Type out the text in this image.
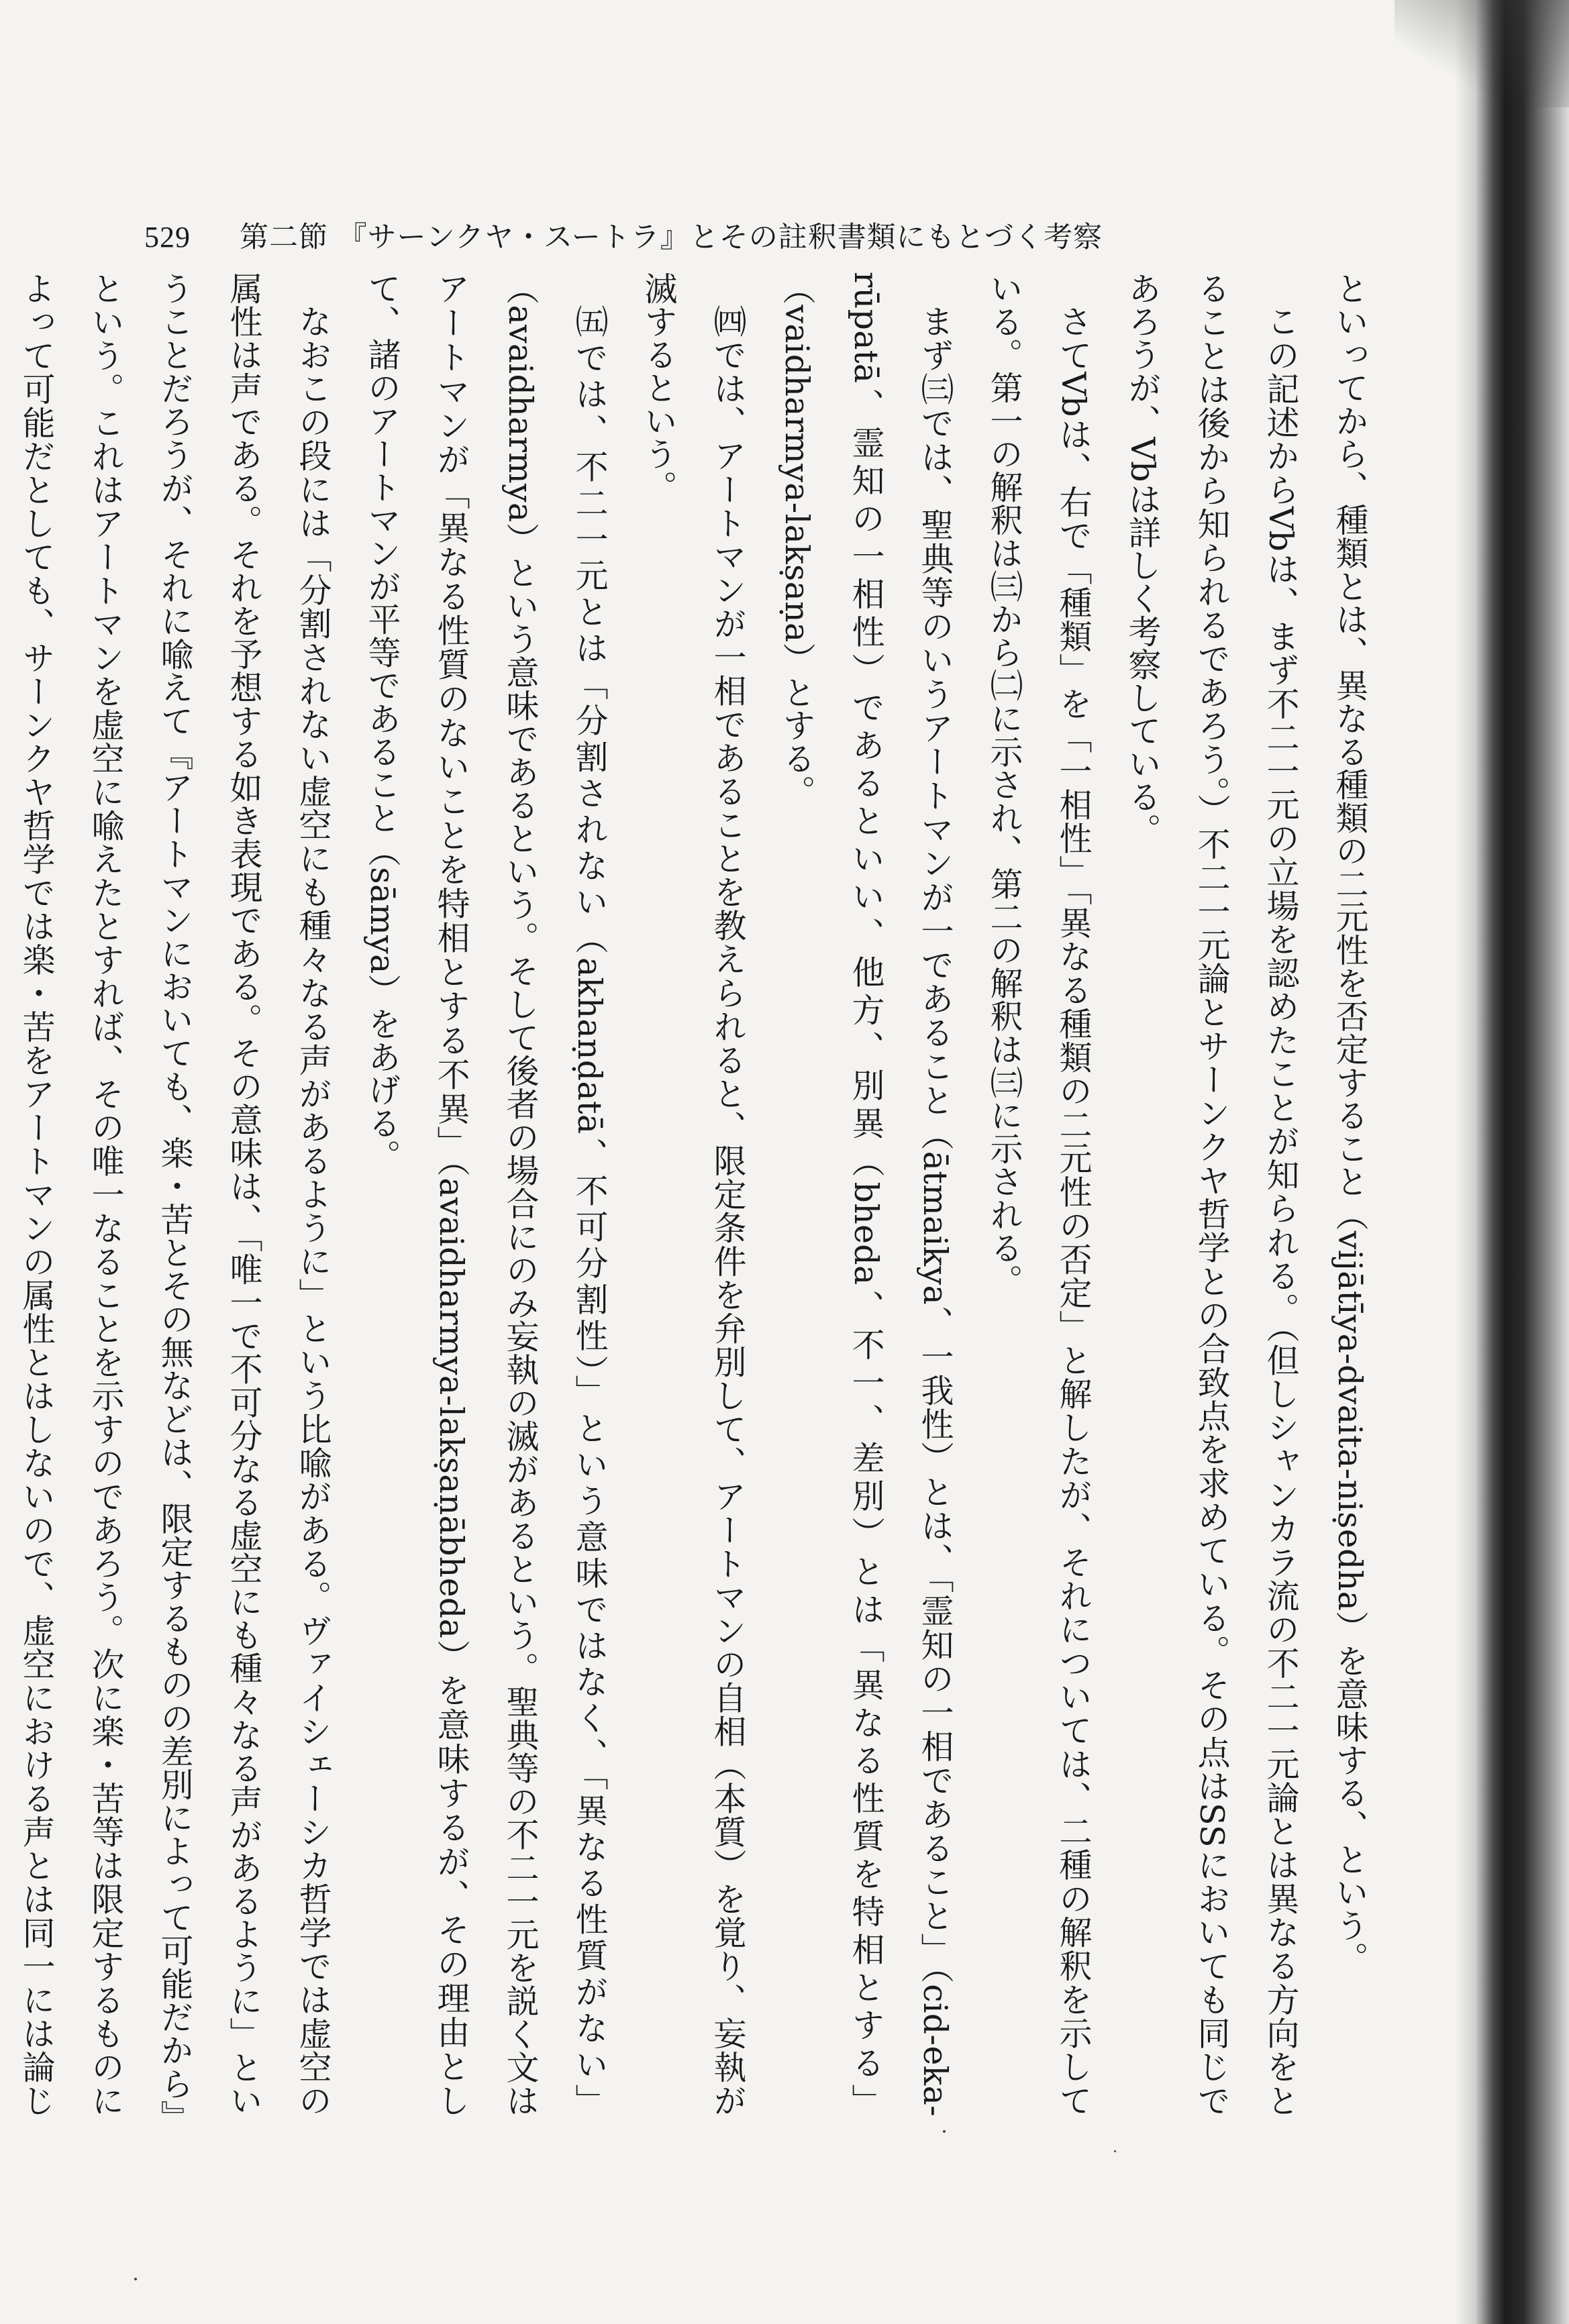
529 第二節 『サーンクヤ・スートラ』とその註釈書類にもとづく考察

といってから、種類とは、異なる種類の二元性を否定すること（vijātīya-dvaita-niṣedha）を意味する、という。

この記述からVbは、まず不二一元の立場を認めたことが知られる。（但しシャンカラ流の不二一元論とは異なる方向をとることは後から知られるであろう。）不二一元論とサーンクヤ哲学との合致点を求めている。その点はSSにおいても同じであろうが、Vbは詳しく考察している。

さてVbは、右で「種類」を「一相性」「異なる種類の二元性の否定」と解したが、それについては、二種の解釈を示している。第一の解釈は㈢から㈡に示され、第二の解釈は㈢に示される。

まず㈢では、聖典等のいうアートマンが一であること（ātmaikya、一我性）とは、「霊知の一相であること」（cid-eka-rūpatā、霊知の一相性）であるといい、他方、別異（bheda、不一、差別）とは「異なる性質を特相とする」（vaidharmya-lakṣaṇa）とする。

㈣では、アートマンが一相であることを教えられると、限定条件を弁別して、アートマンの自相（本質）を覚り、妄執が滅するという。

㈤では、不二一元とは「分割されない（akhaṇḍatā、不可分割性）」という意味ではなく、「異なる性質がない」（avaidharmya）という意味であるという。そして後者の場合にのみ妄執の滅があるという。聖典等の不二一元を説く文はアートマンが「異なる性質のないことを特相とする不異」（avaidharmya-lakṣaṇābheda）を意味するが、その理由として、諸のアートマンが平等であること（sāmya）をあげる。

なおこの段には「分割されない虚空にも種々なる声があるように」という比喩がある。ヴァイシェーシカ哲学では虚空の属性は声である。それを予想する如き表現である。その意味は、「唯一で不可分なる虚空にも種々なる声があるように」ということだろうが、それに喩えて『アートマンにおいても、楽・苦とその無などは、限定するものの差別によって可能だから』という。これはアートマンを虚空に喩えたとすれば、その唯一なることを示すのであろう。次に楽・苦等は限定するものによって可能だとしても、サーンクヤ哲学では楽・苦をアートマンの属性とはしないので、虚空における声とは同一には論じ
